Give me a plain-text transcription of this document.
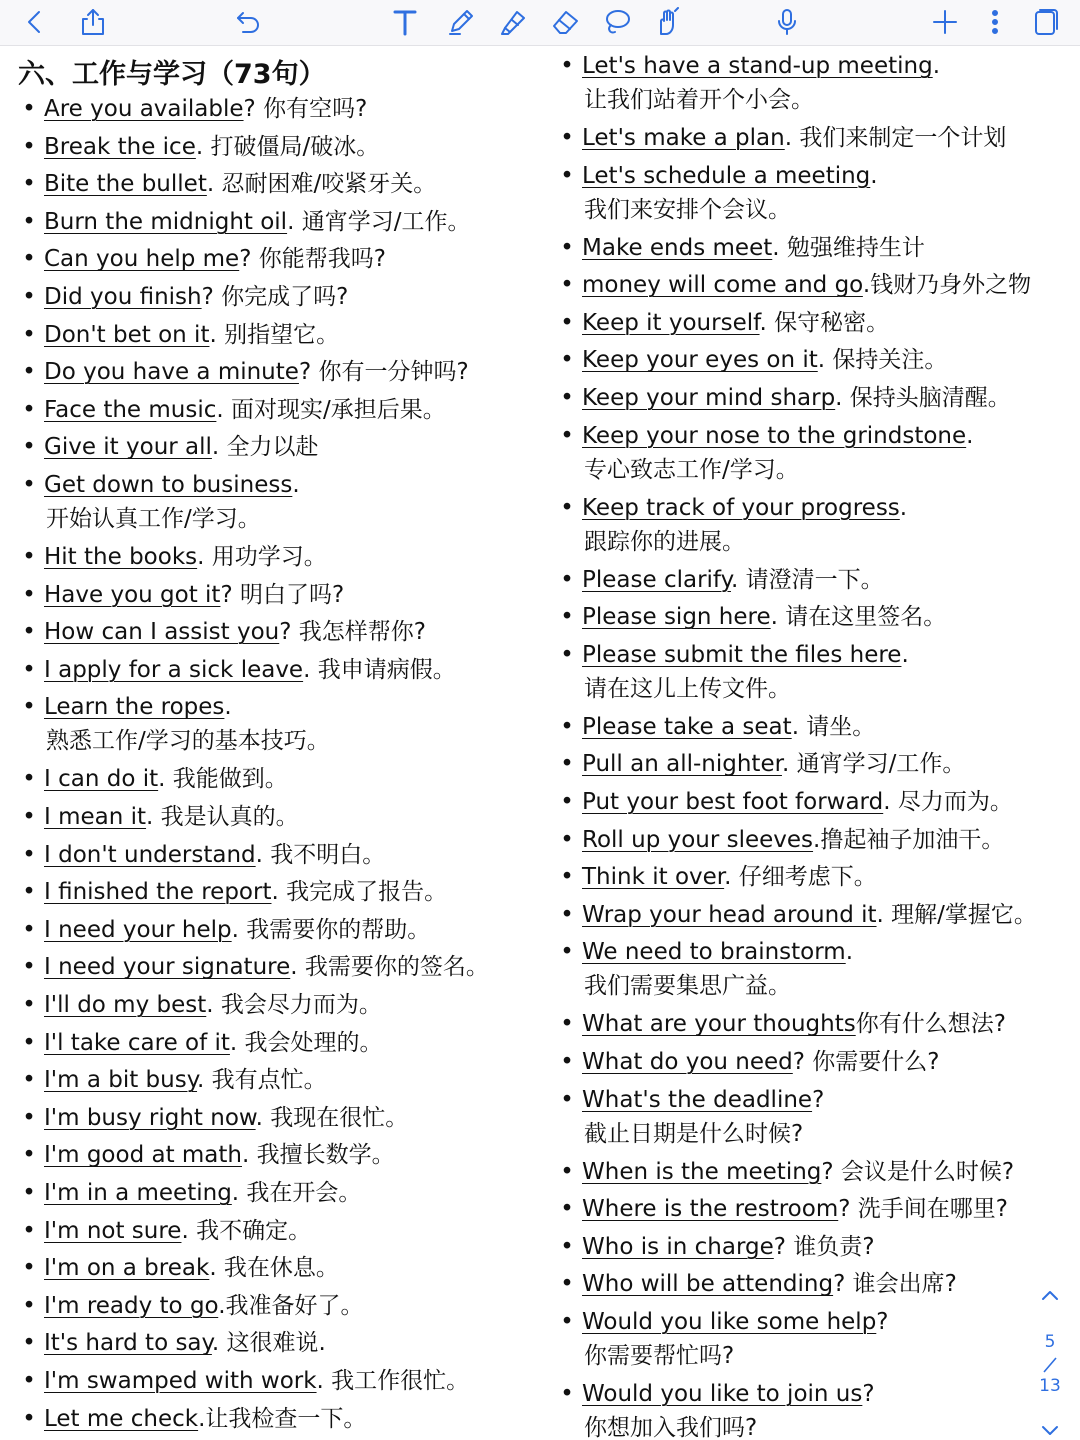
六、工作与学习（73句）
• Are you available? 你有空吗?
• Break the ice. 打破僵局/破冰。
• Bite the bullet. 忍耐困难/咬紧牙关。
• Burn the midnight oil. 通宵学习/工作。
• Can you help me? 你能帮我吗?
• Did you finish? 你完成了吗?
• Don't bet on it. 别指望它。
• Do you have a minute? 你有一分钟吗?
• Face the music. 面对现实/承担后果。
• Give it your all. 全力以赴
• Get down to business.
开始认真工作/学习。
• Hit the books. 用功学习。
• Have you got it? 明白了吗?
• How can I assist you? 我怎样帮你?
• I apply for a sick leave. 我申请病假。
• Learn the ropes.
熟悉工作/学习的基本技巧。
• I can do it. 我能做到。
• I mean it. 我是认真的。
• I don't understand. 我不明白。
• I finished the report. 我完成了报告。
• I need your help. 我需要你的帮助。
• I need your signature. 我需要你的签名。
• I'll do my best. 我会尽力而为。
• I'l take care of it. 我会处理的。
• I'm a bit busy. 我有点忙。
• I'm busy right now. 我现在很忙。
• I'm good at math. 我擅长数学。
• I'm in a meeting. 我在开会。
• I'm not sure. 我不确定。
• I'm on a break. 我在休息。
• I'm ready to go.我准备好了。
• It's hard to say. 这很难说.
• I'm swamped with work. 我工作很忙。
• Let me check.让我检查一下。
• Let's have a stand-up meeting.
让我们站着开个小会。
• Let's make a plan. 我们来制定一个计划
• Let's schedule a meeting.
我们来安排个会议。
• Make ends meet. 勉强维持生计
• money will come and go.钱财乃身外之物
• Keep it yourself. 保守秘密。
• Keep your eyes on it. 保持关注。
• Keep your mind sharp. 保持头脑清醒。
• Keep your nose to the grindstone.
专心致志工作/学习。
• Keep track of your progress.
跟踪你的进展。
• Please clarify. 请澄清一下。
• Please sign here. 请在这里签名。
• Please submit the files here.
请在这儿上传文件。
• Please take a seat. 请坐。
• Pull an all-nighter. 通宵学习/工作。
• Put your best foot forward. 尽力而为。
• Roll up your sleeves.撸起袖子加油干。
• Think it over. 仔细考虑下。
• Wrap your head around it. 理解/掌握它。
• We need to brainstorm.
我们需要集思广益。
• What are your thoughts你有什么想法?
• What do you need? 你需要什么?
• What's the deadline?
截止日期是什么时候?
• When is the meeting? 会议是什么时候?
• Where is the restroom? 洗手间在哪里?
• Who is in charge? 谁负责?
• Who will be attending? 谁会出席?
• Would you like some help?
你需要帮忙吗?
• Would you like to join us?
你想加入我们吗?
5
13
